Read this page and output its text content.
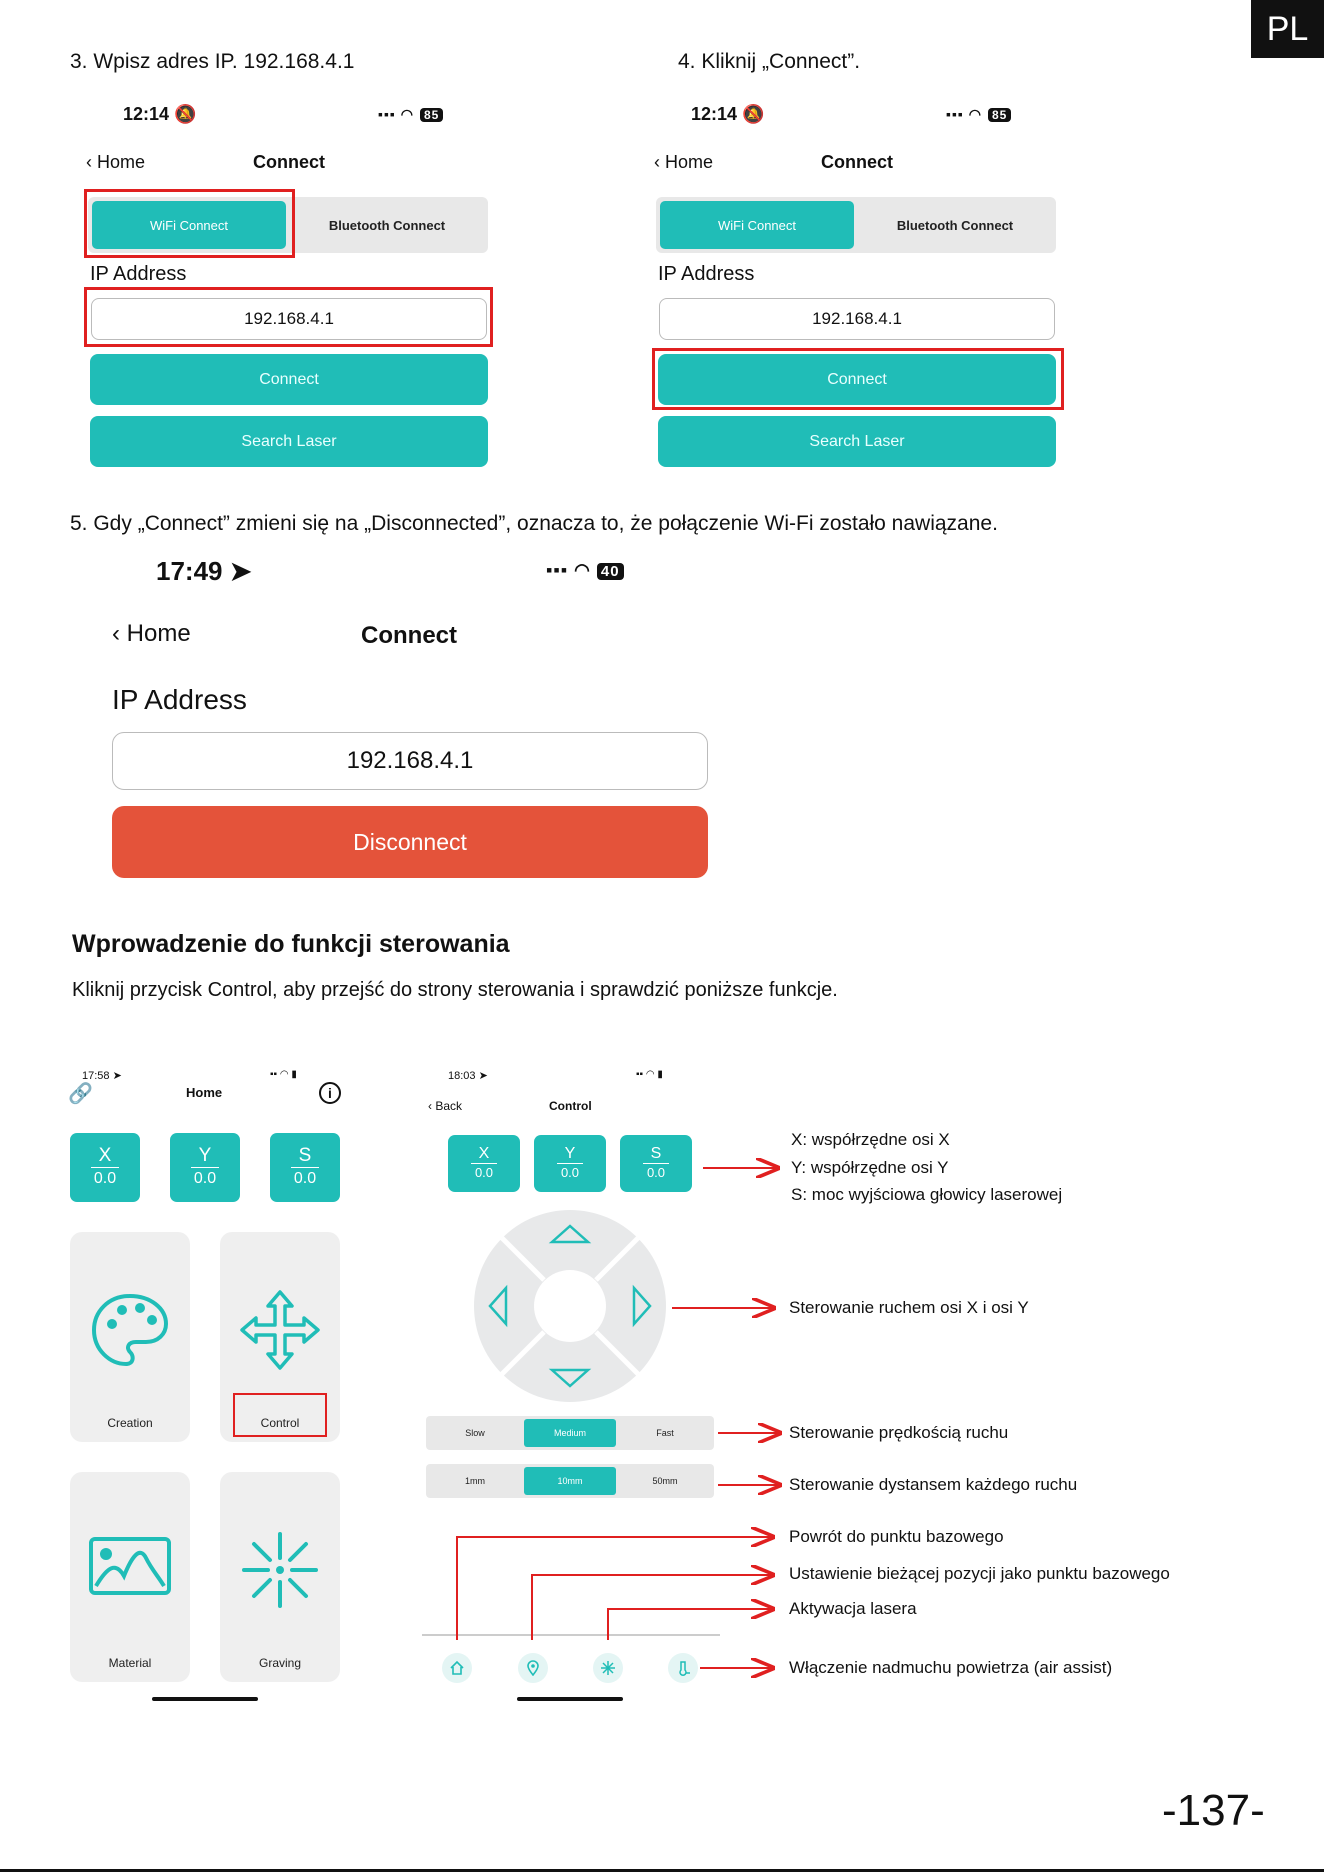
PL
3. Wpisz adres IP. 192.168.4.1	4. Kliknij „Connect”.
12:14 🔕	▪▪▪ ◠ 85
‹ Home	Connect
WiFi Connect	Bluetooth Connect
IP Address
192.168.4.1
Connect
Search Laser
12:14 🔕	▪▪▪ ◠ 85
‹ Home	Connect
WiFi Connect	Bluetooth Connect
IP Address
192.168.4.1
Connect
Search Laser
5. Gdy „Connect” zmieni się na „Disconnected”, oznacza to, że połączenie Wi-Fi zostało nawiązane.
17:49 ➤	▪▪▪ ◠ 40
‹ Home	Connect
IP Address
192.168.4.1
Disconnect
Wprowadzenie do funkcji sterowania
Kliknij przycisk Control, aby przejść do strony sterowania i sprawdzić poniższe funkcje.
17:58 ➤	▪▪ ◠ ▮
🔗	Home	i
X
0.0
Y
0.0
S
0.0
Creation	Control
Material	Graving
18:03 ➤	▪▪ ◠ ▮
‹ Back	Control
X
0.0
Y
0.0
S
0.0
Slow	Medium	Fast
1mm	10mm	50mm
X: współrzędne osi X
Y: współrzędne osi Y
S: moc wyjściowa głowicy laserowej
Sterowanie ruchem osi X i osi Y
Sterowanie prędkością ruchu
Sterowanie dystansem każdego ruchu
Powrót do punktu bazowego
Ustawienie bieżącej pozycji jako punktu bazowego
Aktywacja lasera
Włączenie nadmuchu powietrza (air assist)
-137-
